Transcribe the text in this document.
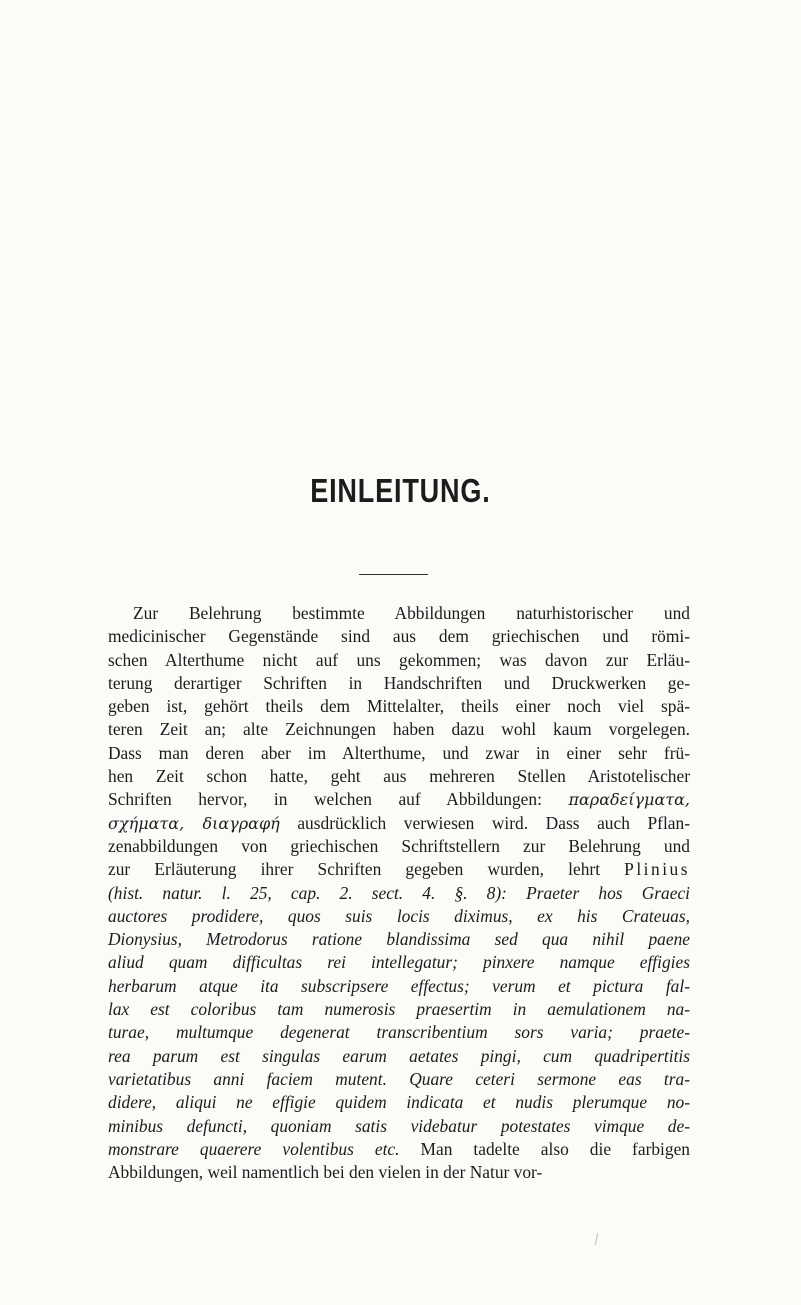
EINLEITUNG.
Zur Belehrung bestimmte Abbildungen naturhistorischer und
medicinischer Gegenstände sind aus dem griechischen und römi-
schen Alterthume nicht auf uns gekommen; was davon zur Erläu-
terung derartiger Schriften in Handschriften und Druckwerken ge-
geben ist, gehört theils dem Mittelalter, theils einer noch viel spä-
teren Zeit an; alte Zeichnungen haben dazu wohl kaum vorgelegen.
Dass man deren aber im Alterthume, und zwar in einer sehr frü-
hen Zeit schon hatte, geht aus mehreren Stellen Aristotelischer
Schriften hervor, in welchen auf Abbildungen: παραδείγματα,
σχήματα, διαγραφή ausdrücklich verwiesen wird. Dass auch Pflan-
zenabbildungen von griechischen Schriftstellern zur Belehrung und
zur Erläuterung ihrer Schriften gegeben wurden, lehrt Plinius
(hist. natur. l. 25, cap. 2. sect. 4. §. 8): Praeter hos Graeci
auctores prodidere, quos suis locis diximus, ex his Crateuas,
Dionysius, Metrodorus ratione blandissima sed qua nihil paene
aliud quam difficultas rei intellegatur; pinxere namque effigies
herbarum atque ita subscripsere effectus; verum et pictura fal-
lax est coloribus tam numerosis praesertim in aemulationem na-
turae, multumque degenerat transcribentium sors varia; praete-
rea parum est singulas earum aetates pingi, cum quadripertitis
varietatibus anni faciem mutent. Quare ceteri sermone eas tra-
didere, aliqui ne effigie quidem indicata et nudis plerumque no-
minibus defuncti, quoniam satis videbatur potestates vimque de-
monstrare quaerere volentibus etc. Man tadelte also die farbigen
Abbildungen, weil namentlich bei den vielen in der Natur vor-
